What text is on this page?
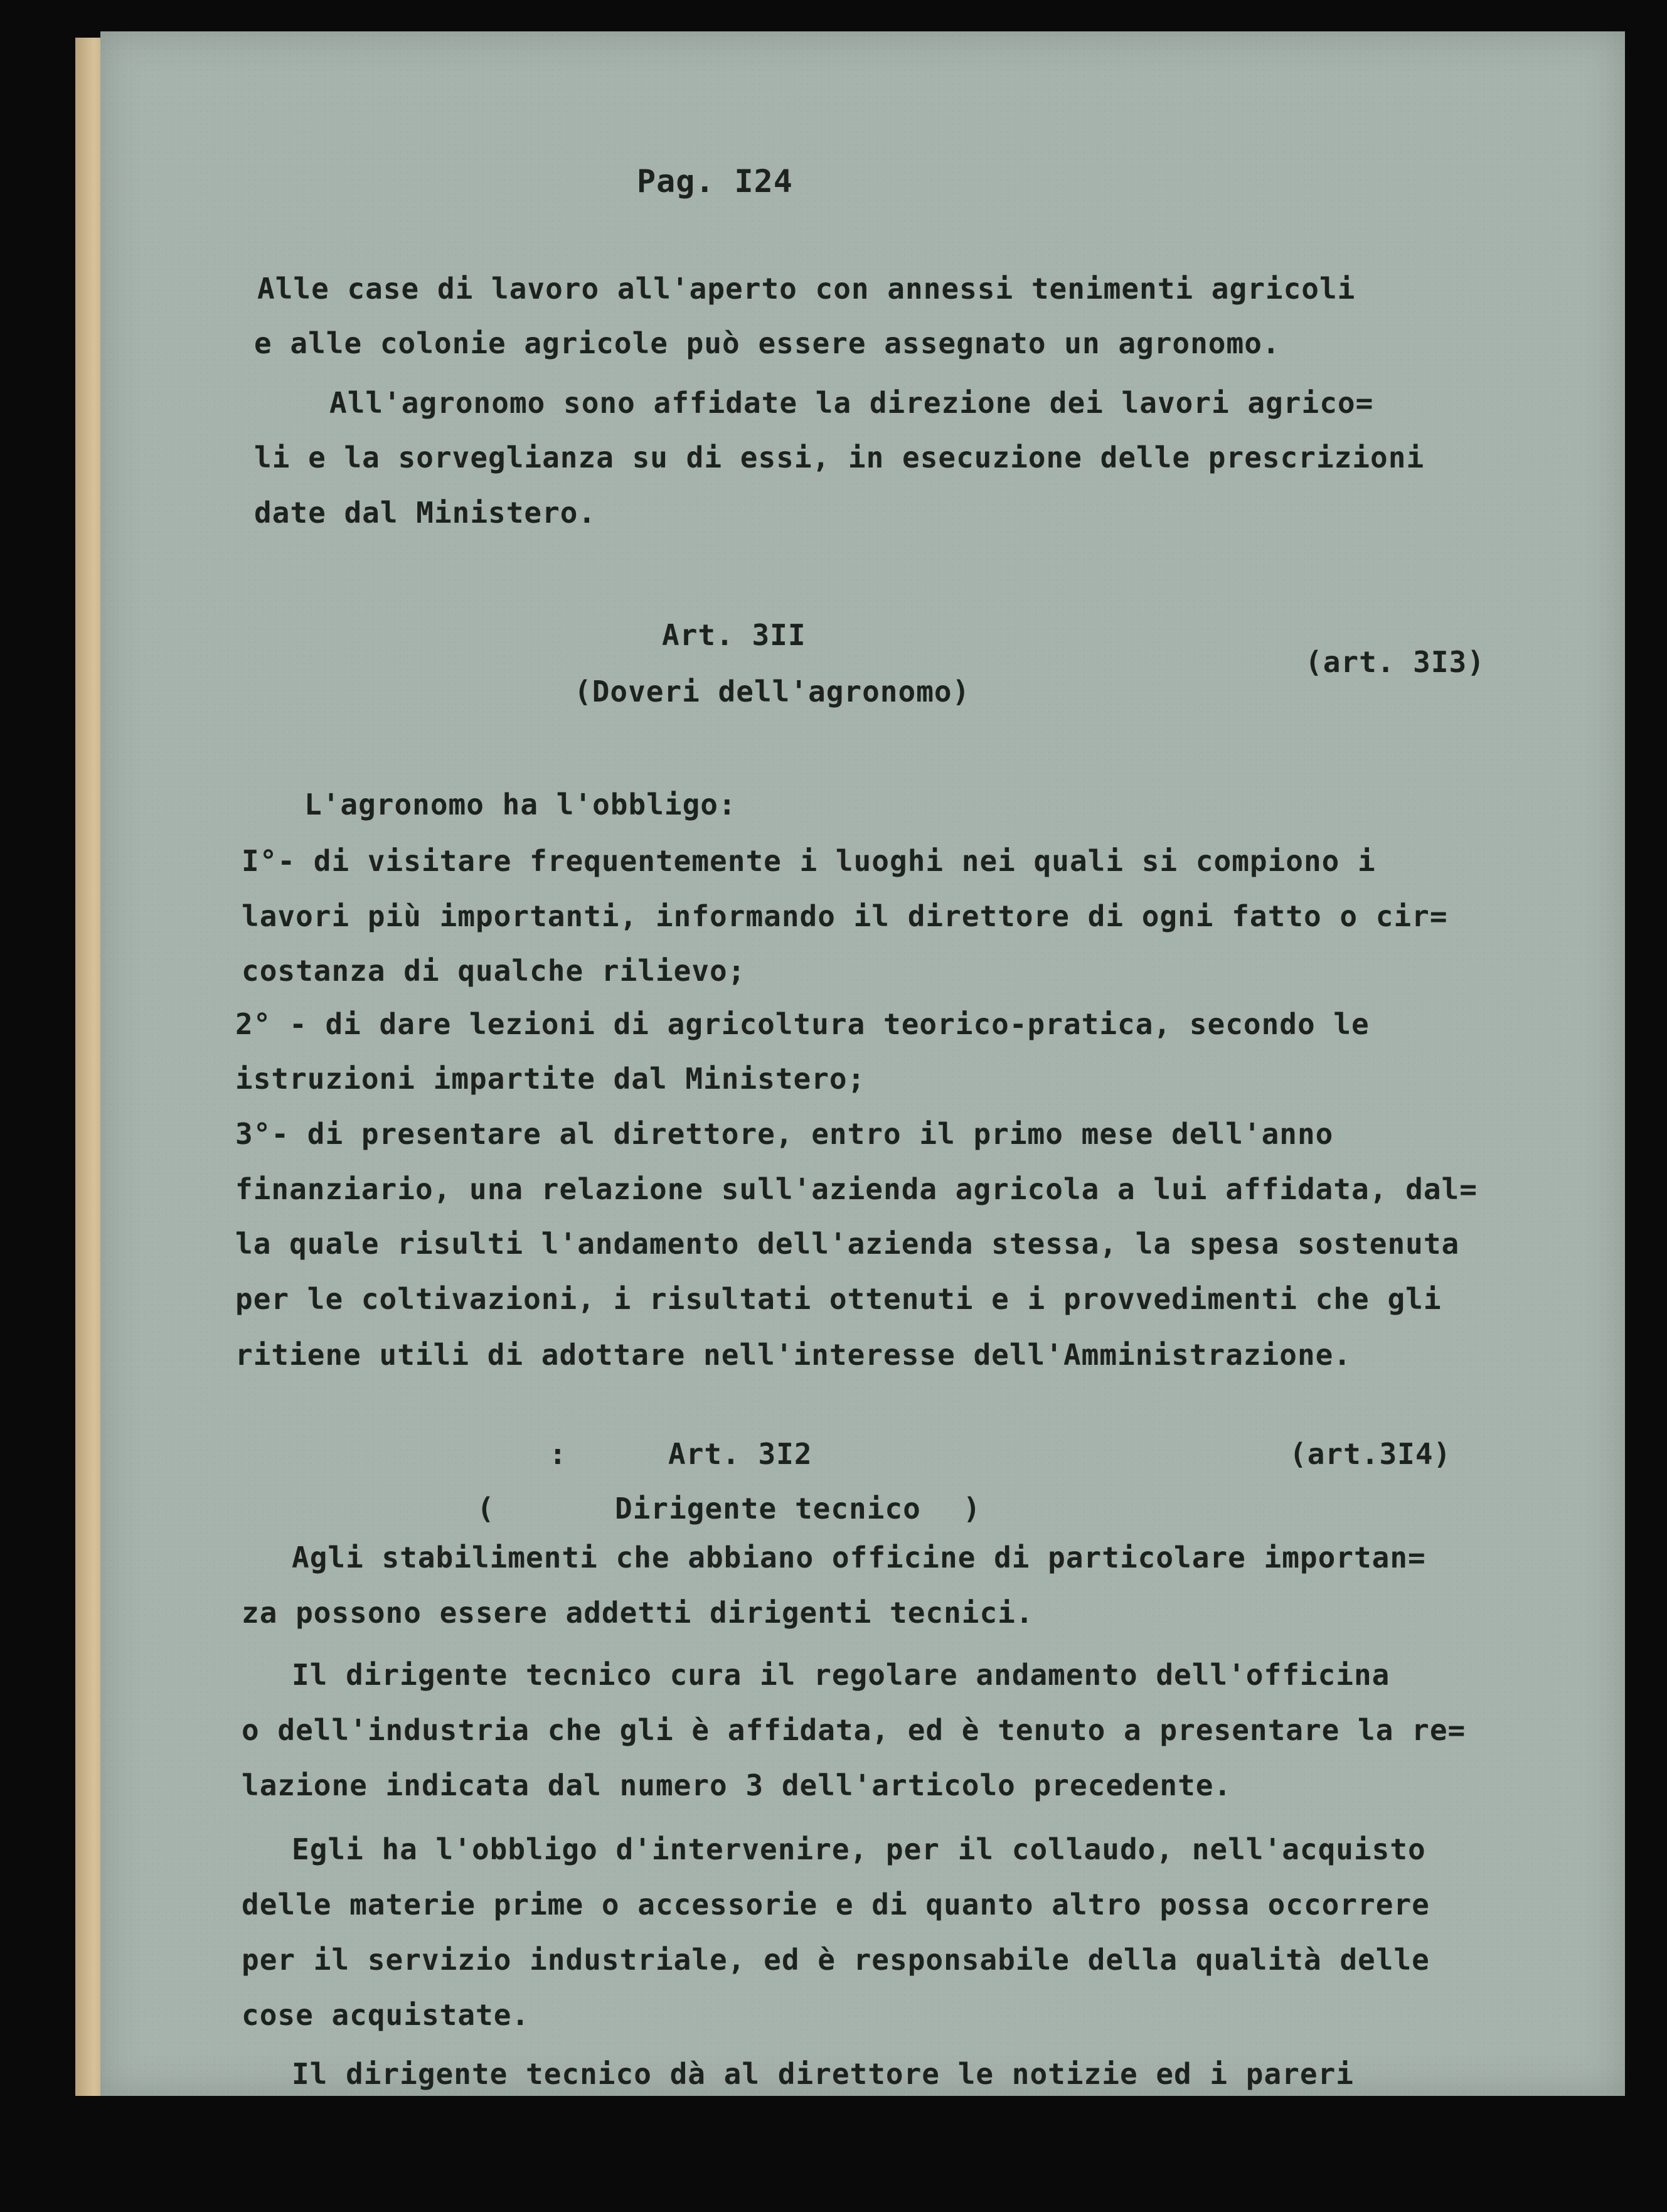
Pag. I24

Alle case di lavoro all'aperto con annessi tenimenti agricoli

e alle colonie agricole può essere assegnato un agronomo.

All'agronomo sono affidate la direzione dei lavori agrico=

li e la sorveglianza su di essi, in esecuzione delle prescrizioni

date dal Ministero.

Art. 3II

(art. 3I3)

(Doveri dell'agronomo)

L'agronomo ha l'obbligo:

I°- di visitare frequentemente i luoghi nei quali si compiono i

lavori più importanti, informando il direttore di ogni fatto o cir=

costanza di qualche rilievo;

2° - di dare lezioni di agricoltura teorico-pratica, secondo le

istruzioni impartite dal Ministero;

3°- di presentare al direttore, entro il primo mese dell'anno

finanziario, una relazione sull'azienda agricola a lui affidata, dal=

la quale risulti l'andamento dell'azienda stessa, la spesa sostenuta

per le coltivazioni, i risultati ottenuti e i provvedimenti che gli

ritiene utili di adottare nell'interesse dell'Amministrazione.

:	Art. 3I2	(art.3I4)

(	Dirigente tecnico )

Agli stabilimenti che abbiano officine di particolare importan=

za possono essere addetti dirigenti tecnici.

Il dirigente tecnico cura il regolare andamento dell'officina

o dell'industria che gli è affidata, ed è tenuto a presentare la re=

lazione indicata dal numero 3 dell'articolo precedente.

Egli ha l'obbligo d'intervenire, per il collaudo, nell'acquisto

delle materie prime o accessorie e di quanto altro possa occorrere

per il servizio industriale, ed è responsabile della qualità delle

cose acquistate.

Il dirigente tecnico dà al direttore le notizie ed i pareri
